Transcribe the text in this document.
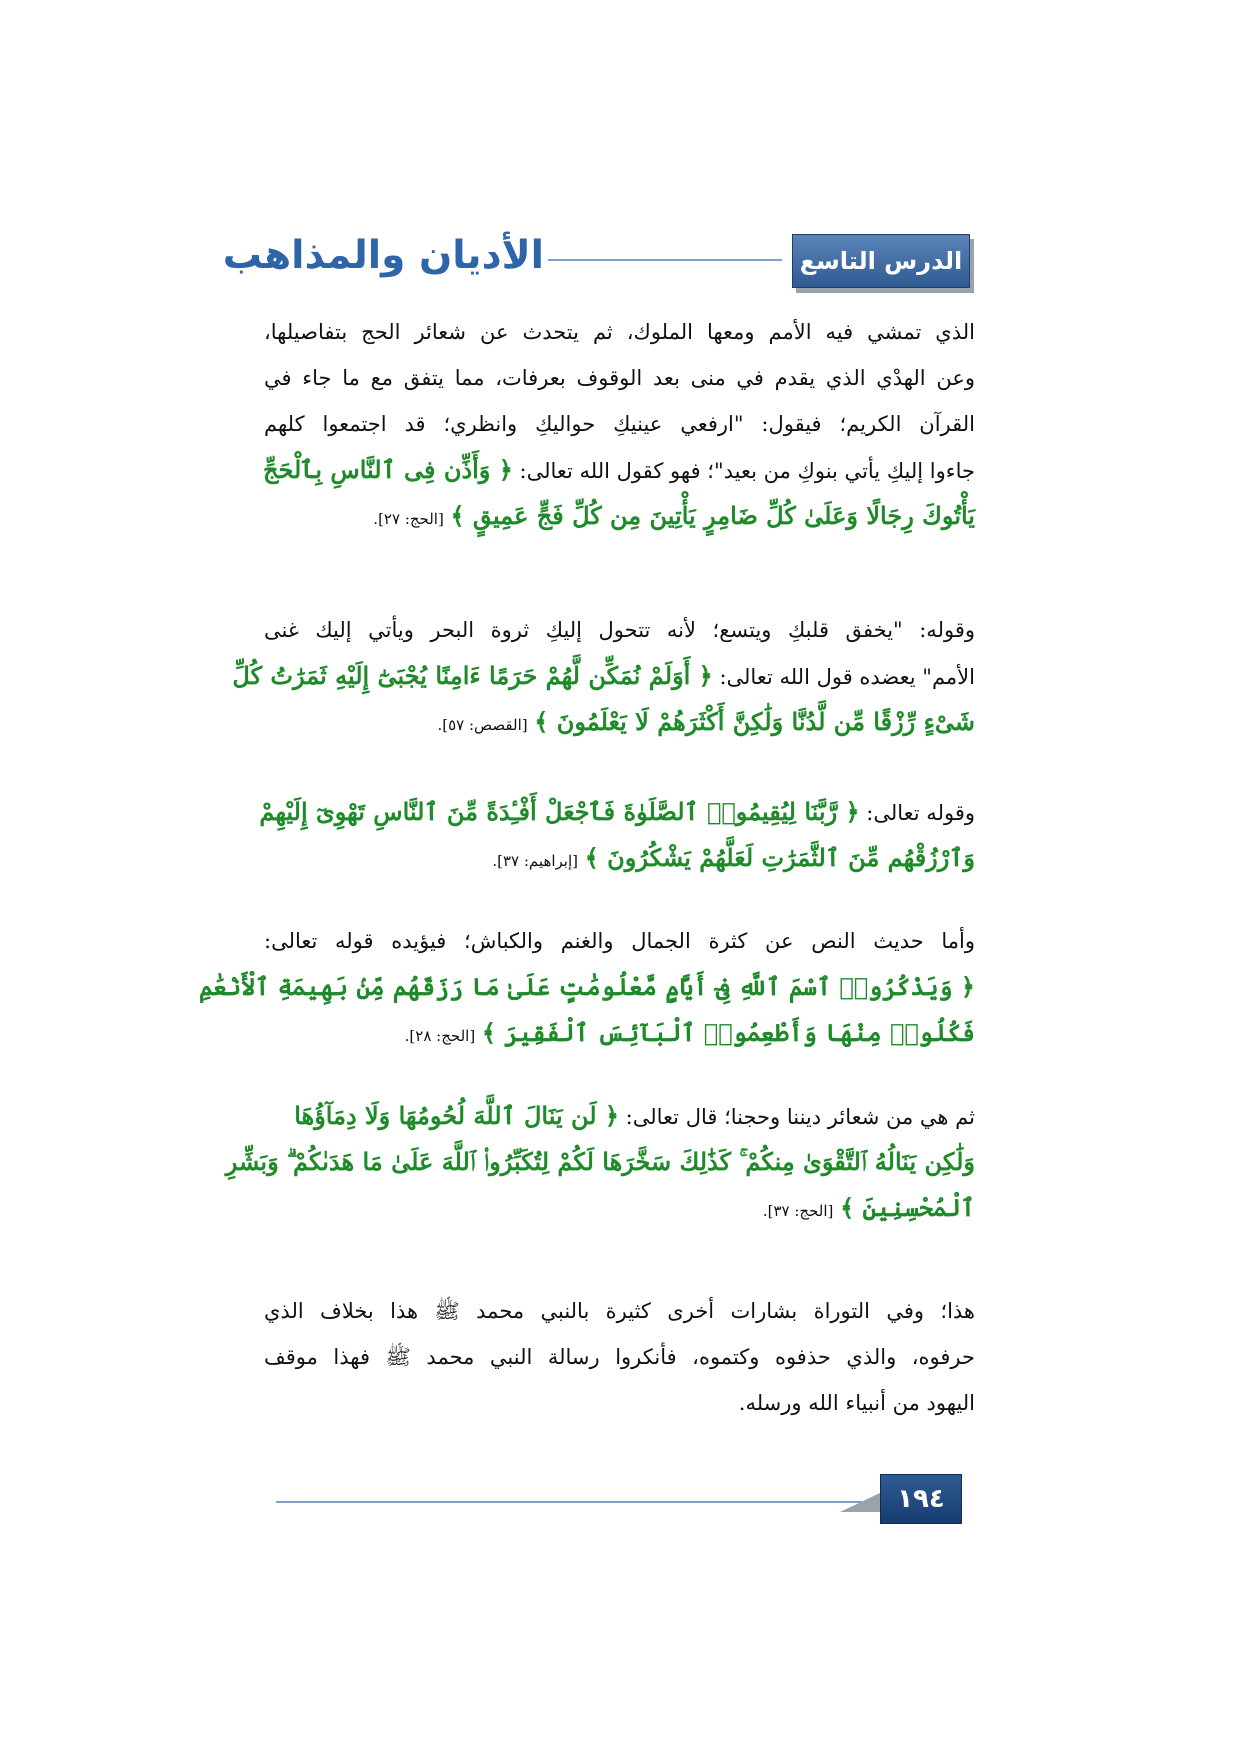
الدرس التاسع
الأديان والمذاهب
الذي تمشي فيه الأمم ومعها الملوك، ثم يتحدث عن شعائر الحج بتفاصيلها،
وعن الهدْي الذي يقدم في منى بعد الوقوف بعرفات، مما يتفق مع ما جاء في
القرآن الكريم؛ فيقول: "ارفعي عينيكِ حواليكِ وانظري؛ قد اجتمعوا كلهم
جاءوا إليكِ يأتي بنوكِ من بعيد"؛ فهو كقول الله تعالى: ﴿ وَأَذِّن فِى ٱلنَّاسِ بِٱلْحَجِّ
يَأْتُوكَ رِجَالًا وَعَلَىٰ كُلِّ ضَامِرٍ يَأْتِينَ مِن كُلِّ فَجٍّ عَمِيقٍ ﴾ [الحج: ٢٧].
وقوله: "يخفق قلبكِ ويتسع؛ لأنه تتحول إليكِ ثروة البحر ويأتي إليك غنى
الأمم" يعضده قول الله تعالى: ﴿ أَوَلَمْ نُمَكِّن لَّهُمْ حَرَمًا ءَامِنًا يُجْبَىٰٓ إِلَيْهِ ثَمَرَٰتُ كُلِّ
شَىْءٍ رِّزْقًا مِّن لَّدُنَّا وَلَٰكِنَّ أَكْثَرَهُمْ لَا يَعْلَمُونَ ﴾ [القصص: ٥٧].
وقوله تعالى: ﴿ رَّبَّنَا لِيُقِيمُوا۟ ٱلصَّلَوٰةَ فَٱجْعَلْ أَفْـِٔدَةً مِّنَ ٱلنَّاسِ تَهْوِىٓ إِلَيْهِمْ
وَٱرْزُقْهُم مِّنَ ٱلثَّمَرَٰتِ لَعَلَّهُمْ يَشْكُرُونَ ﴾ [إبراهيم: ٣٧].
وأما حديث النص عن كثرة الجمال والغنم والكباش؛ فيؤيده قوله تعالى:
﴿ وَيَذْكُرُوا۟ ٱسْمَ ٱللَّهِ فِىٓ أَيَّامٍ مَّعْلُومَٰتٍ عَلَىٰ مَا رَزَقَهُم مِّنۢ بَهِيمَةِ ٱلْأَنْعَٰمِ
فَكُلُوا۟ مِنْهَا وَأَطْعِمُوا۟ ٱلْبَآئِسَ ٱلْفَقِيرَ ﴾ [الحج: ٢٨].
ثم هي من شعائر ديننا وحجنا؛ قال تعالى: ﴿ لَن يَنَالَ ٱللَّهَ لُحُومُهَا وَلَا دِمَآؤُهَا
وَلَٰكِن يَنَالُهُ ٱلتَّقْوَىٰ مِنكُمْ ۚ كَذَٰلِكَ سَخَّرَهَا لَكُمْ لِتُكَبِّرُوا۟ ٱللَّهَ عَلَىٰ مَا هَدَىٰكُمْ ۗ وَبَشِّرِ
ٱلْمُحْسِنِينَ ﴾ [الحج: ٣٧].
هذا؛ وفي التوراة بشارات أخرى كثيرة بالنبي محمد ﷺ هذا بخلاف الذي
حرفوه، والذي حذفوه وكتموه، فأنكروا رسالة النبي محمد ﷺ فهذا موقف
اليهود من أنبياء الله ورسله.
١٩٤
